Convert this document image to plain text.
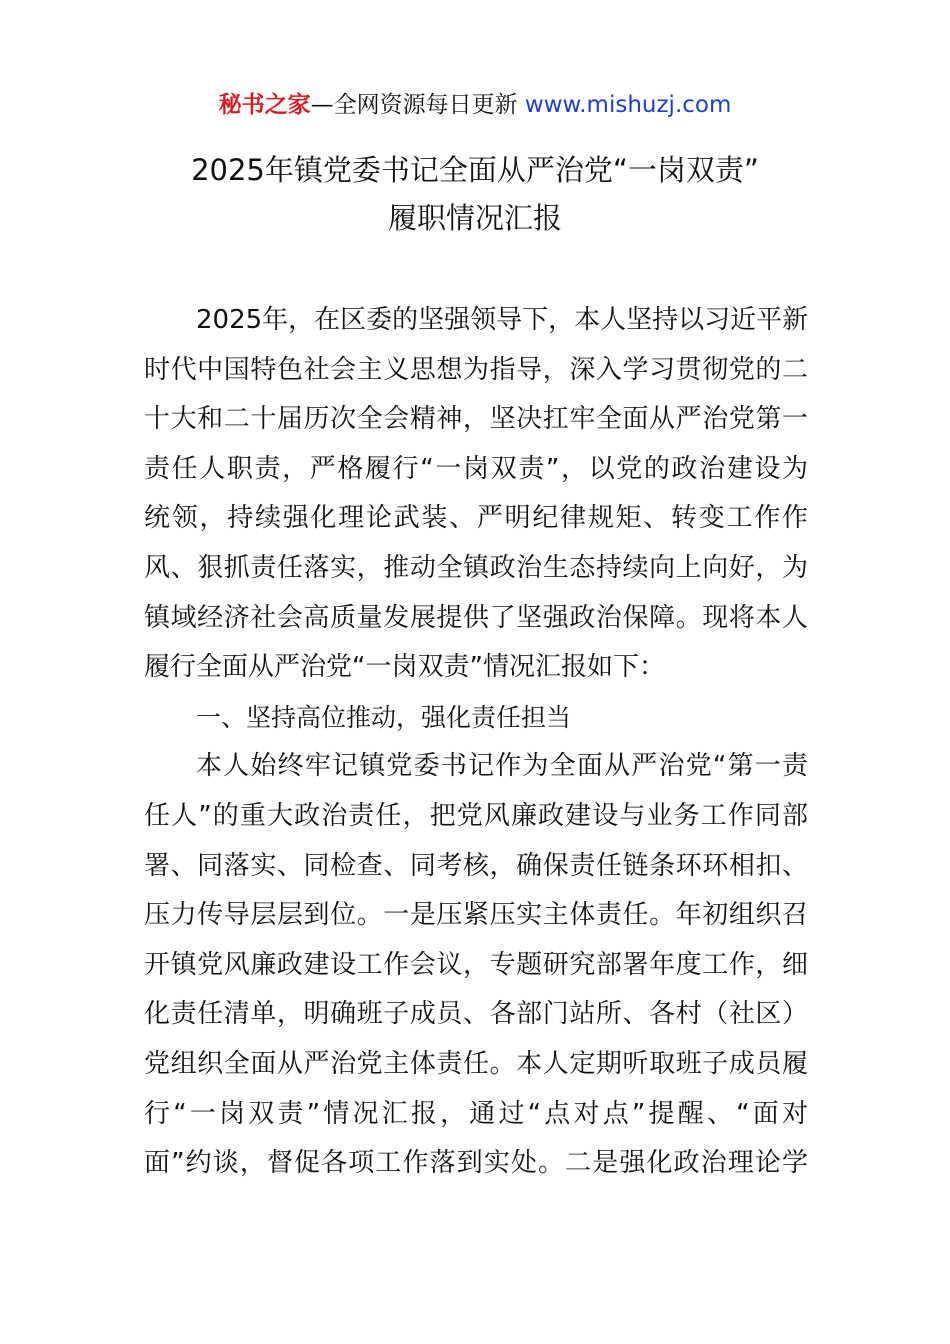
秘书之家—全网资源每日更新 www.mishuzj.com
2025年镇党委书记全面从严治党“一岗双责”
履职情况汇报
2025年，在区委的坚强领导下，本人坚持以习近平新
时代中国特色社会主义思想为指导，深入学习贯彻党的二
十大和二十届历次全会精神，坚决扛牢全面从严治党第一
责任人职责，严格履行“一岗双责”，以党的政治建设为
统领，持续强化理论武装、严明纪律规矩、转变工作作
风、狠抓责任落实，推动全镇政治生态持续向上向好，为
镇域经济社会高质量发展提供了坚强政治保障。现将本人
履行全面从严治党“一岗双责”情况汇报如下：
一、坚持高位推动，强化责任担当
本人始终牢记镇党委书记作为全面从严治党“第一责
任人”的重大政治责任，把党风廉政建设与业务工作同部
署、同落实、同检查、同考核，确保责任链条环环相扣、
压力传导层层到位。一是压紧压实主体责任。年初组织召
开镇党风廉政建设工作会议，专题研究部署年度工作，细
化责任清单，明确班子成员、各部门站所、各村（社区）
党组织全面从严治党主体责任。本人定期听取班子成员履
行“一岗双责”情况汇报，通过“点对点”提醒、“面对
面”约谈，督促各项工作落到实处。二是强化政治理论学
